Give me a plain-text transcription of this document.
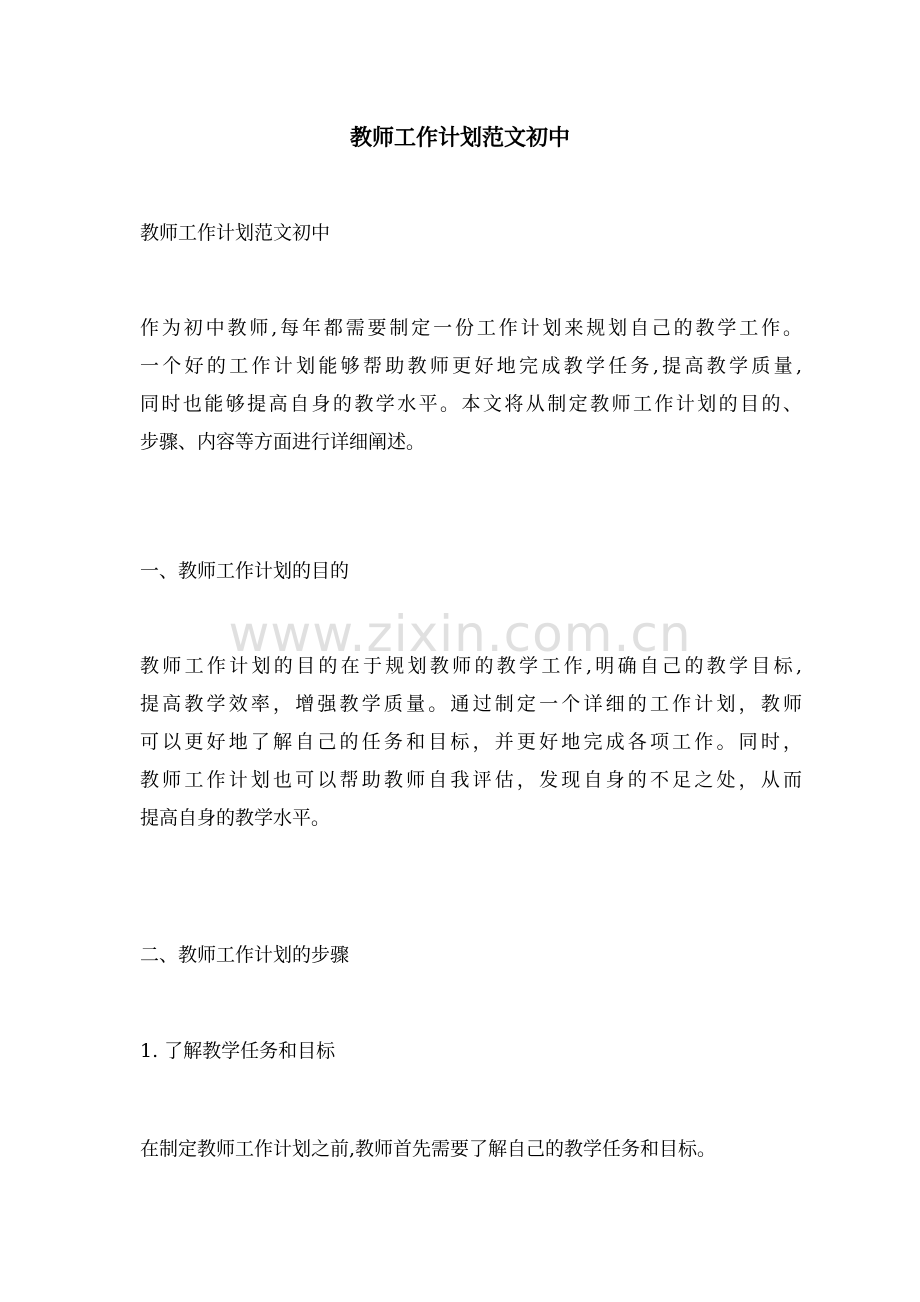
教师工作计划范文初中

教师工作计划范文初中

作为初中教师,每年都需要制定一份工作计划来规划自己的教学工作。
一个好的工作计划能够帮助教师更好地完成教学任务,提高教学质量,
同时也能够提高自身的教学水平。本文将从制定教师工作计划的目的、
步骤、内容等方面进行详细阐述。

一、教师工作计划的目的

www.zixin.com.cn
教师工作计划的目的在于规划教师的教学工作,明确自己的教学目标,
提高教学效率，增强教学质量。通过制定一个详细的工作计划，教师
可以更好地了解自己的任务和目标，并更好地完成各项工作。同时，
教师工作计划也可以帮助教师自我评估，发现自身的不足之处，从而
提高自身的教学水平。

二、教师工作计划的步骤

1. 了解教学任务和目标

在制定教师工作计划之前,教师首先需要了解自己的教学任务和目标。
